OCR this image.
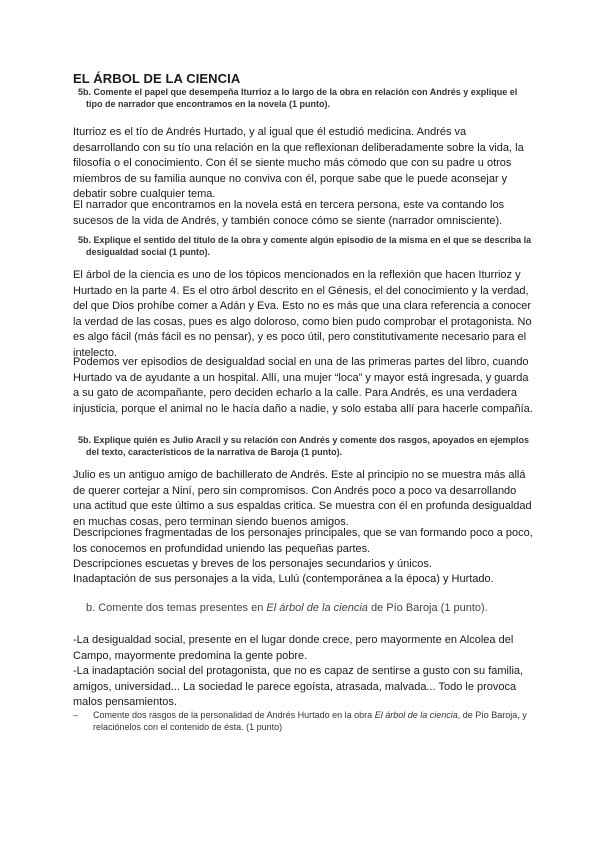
EL ÁRBOL DE LA CIENCIA

5b. Comente el papel que desempeña Iturrioz a lo largo de la obra en relación con Andrés y explique el tipo de narrador que encontramos en la novela (1 punto).

Iturrioz es el tío de Andrés Hurtado, y al igual que él estudió medicina. Andrés va desarrollando con su tío una relación en la que reflexionan deliberadamente sobre la vida, la filosofía o el conocimiento. Con él se siente mucho más cómodo que con su padre u otros miembros de su familia aunque no conviva con él, porque sabe que le puede aconsejar y debatir sobre cualquier tema.

El narrador que encontramos en la novela está en tercera persona, este va contando los sucesos de la vida de Andrés, y también conoce cómo se siente (narrador omnisciente).

5b. Explique el sentido del título de la obra y comente algún episodio de la misma en el que se describa la desigualdad social (1 punto).

El árbol de la ciencia es uno de los tópicos mencionados en la reflexión que hacen Iturrioz y Hurtado en la parte 4. Es el otro árbol descrito en el Génesis, el del conocimiento y la verdad, del que Dios prohíbe comer a Adán y Eva. Esto no es más que una clara referencia a conocer la verdad de las cosas, pues es algo doloroso, como bien pudo comprobar el protagonista. No es algo fácil (más fácil es no pensar), y es poco útil, pero constitutivamente necesario para el intelecto.

Podemos ver episodios de desigualdad social en una de las primeras partes del libro, cuando Hurtado va de ayudante a un hospital. Allí, una mujer “loca” y mayor está ingresada, y guarda a su gato de acompañante, pero deciden echarlo a la calle. Para Andrés, es una verdadera injusticia, porque el animal no le hacía daño a nadie, y solo estaba allí para hacerle compañía.

5b. Explique quién es Julio Aracil y su relación con Andrés y comente dos rasgos, apoyados en ejemplos del texto, característicos de la narrativa de Baroja (1 punto).

Julio es un antiguo amigo de bachillerato de Andrés. Este al principio no se muestra más allá de querer cortejar a Niní, pero sin compromisos. Con Andrés poco a poco va desarrollando una actitud que este último a sus espaldas critica. Se muestra con él en profunda desigualdad en muchas cosas, pero terminan siendo buenos amigos.

Descripciones fragmentadas de los personajes principales, que se van formando poco a poco, los conocemos en profundidad uniendo las pequeñas partes.

Descripciones escuetas y breves de los personajes secundarios y únicos.

Inadaptación de sus personajes a la vida, Lulú (contemporánea a la época) y Hurtado.

b. Comente dos temas presentes en El árbol de la ciencia de Pío Baroja (1 punto).

-La desigualdad social, presente en el lugar donde crece, pero mayormente en Alcolea del Campo, mayormente predomina la gente pobre.

-La inadaptación social del protagonista, que no es capaz de sentirse a gusto con su familia, amigos, universidad... La sociedad le parece egoísta, atrasada, malvada... Todo le provoca malos pensamientos.

–	Comente dos rasgos de la personalidad de Andrés Hurtado en la obra El árbol de la ciencia, de Pío Baroja, y relaciónelos con el contenido de ésta. (1 punto)
